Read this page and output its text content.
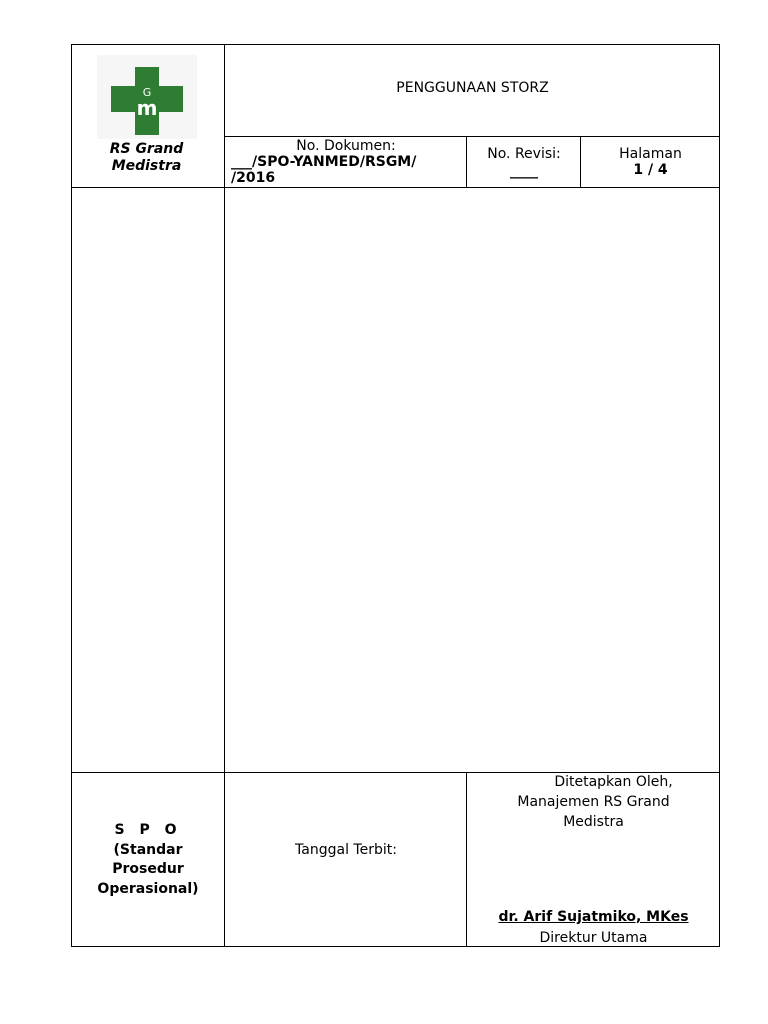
G
m
RS Grand
Medistra
PENGGUNAAN STORZ
No. Dokumen:
___/SPO-YANMED/RSGM/
/2016
No. Revisi:
____
Halaman
1 / 4
S P O
(Standar
Prosedur
Operasional)
Tanggal Terbit:
Ditetapkan Oleh,
Manajemen RS Grand
Medistra
dr. Arif Sujatmiko, MKes
Direktur Utama
